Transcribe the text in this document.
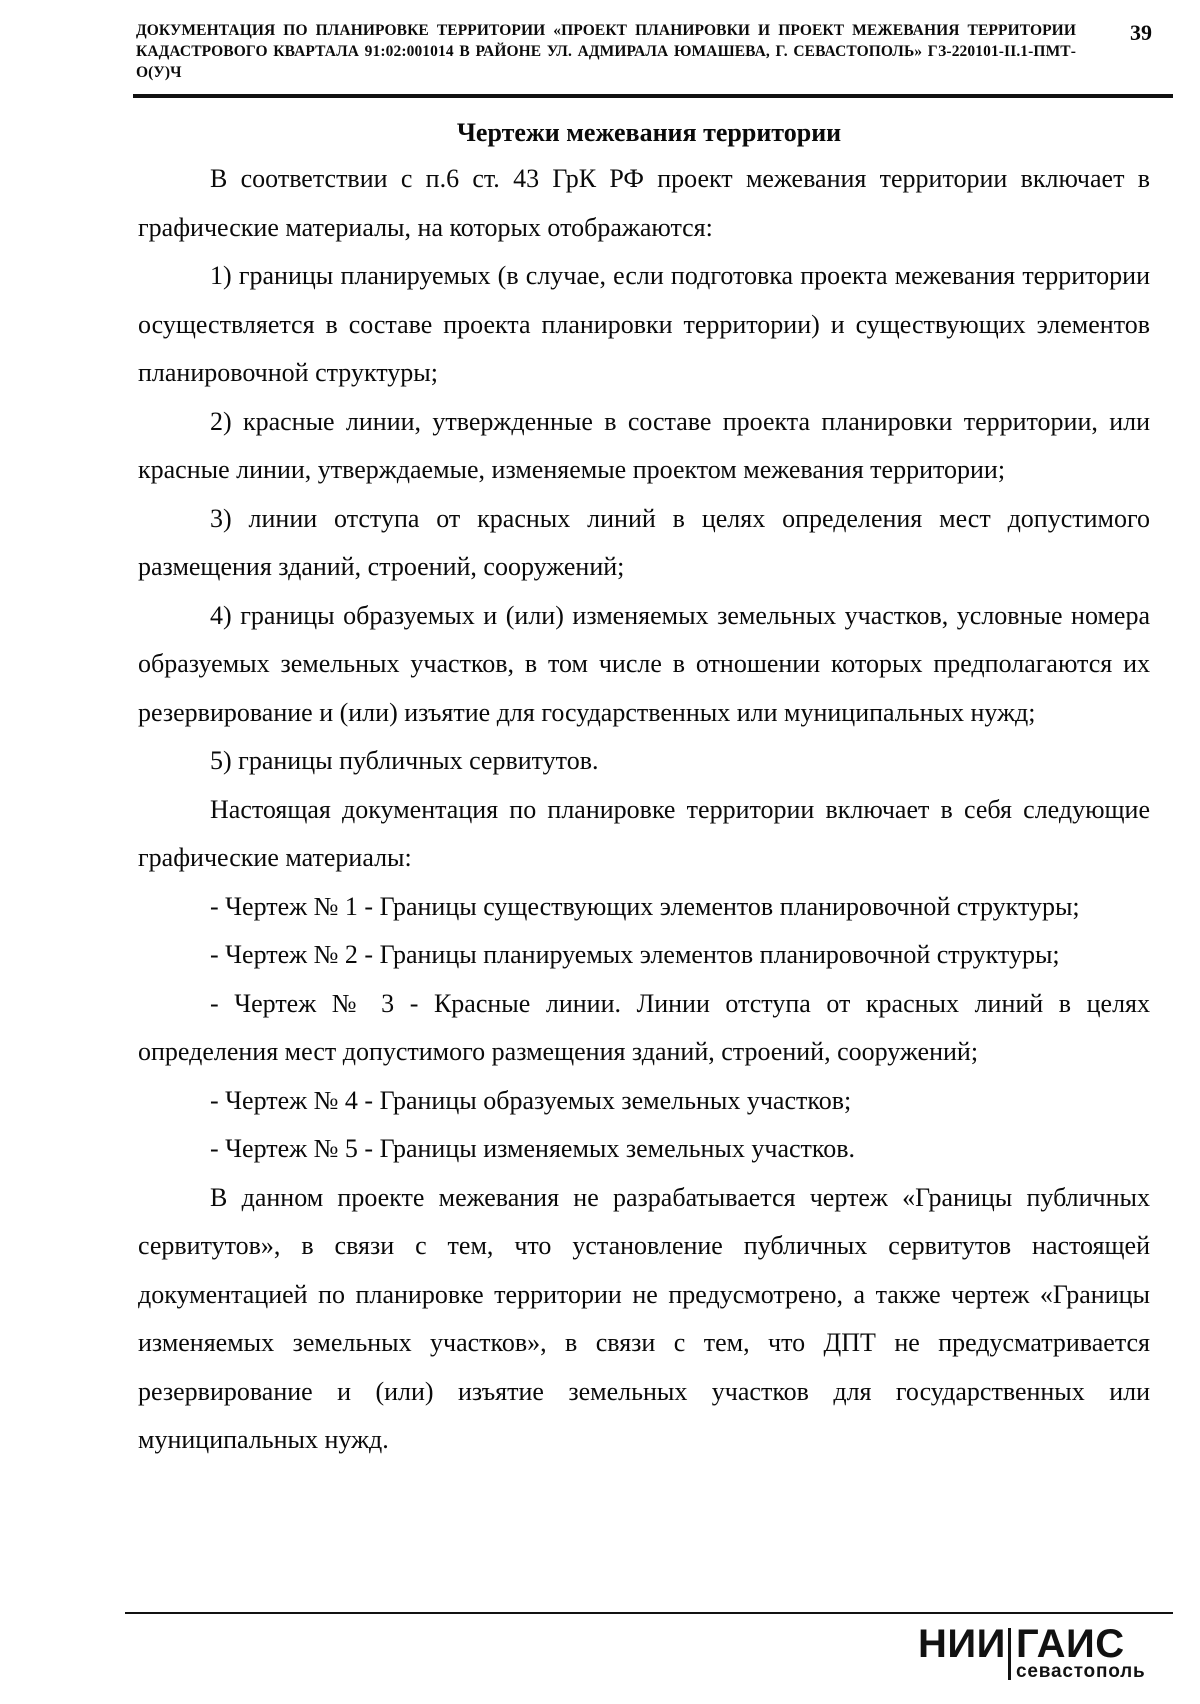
ДОКУМЕНТАЦИЯ ПО ПЛАНИРОВКЕ ТЕРРИТОРИИ «ПРОЕКТ ПЛАНИРОВКИ И ПРОЕКТ МЕЖЕВАНИЯ ТЕРРИТОРИИ КАДАСТРОВОГО КВАРТАЛА 91:02:001014 В РАЙОНЕ УЛ. АДМИРАЛА ЮМАШЕВА, Г. СЕВАСТОПОЛЬ» ГЗ-220101-II.1-ПМТ-О(У)Ч
39
Чертежи межевания территории

В соответствии с п.6 ст. 43 ГрК РФ проект межевания территории включает в графические материалы, на которых отображаются:

1) границы планируемых (в случае, если подготовка проекта межевания территории осуществляется в составе проекта планировки территории) и существующих элементов планировочной структуры;

2) красные линии, утвержденные в составе проекта планировки территории, или красные линии, утверждаемые, изменяемые проектом межевания территории;

3) линии отступа от красных линий в целях определения мест допустимого размещения зданий, строений, сооружений;

4) границы образуемых и (или) изменяемых земельных участков, условные номера образуемых земельных участков, в том числе в отношении которых предполагаются их резервирование и (или) изъятие для государственных или муниципальных нужд;

5) границы публичных сервитутов.

Настоящая документация по планировке территории включает в себя следующие графические материалы:

- Чертеж № 1 - Границы существующих элементов планировочной структуры;

- Чертеж № 2 - Границы планируемых элементов планировочной структуры;

- Чертеж № 3 - Красные линии. Линии отступа от красных линий в целях определения мест допустимого размещения зданий, строений, сооружений;

- Чертеж № 4 - Границы образуемых земельных участков;

- Чертеж № 5 - Границы изменяемых земельных участков.

В данном проекте межевания не разрабатывается чертеж «Границы публичных сервитутов», в связи с тем, что установление публичных сервитутов настоящей документацией по планировке территории не предусмотрено, а также чертеж «Границы изменяемых земельных участков», в связи с тем, что ДПТ не предусматривается резервирование и (или) изъятие земельных участков для государственных или муниципальных нужд.

НИИ ГАИС
севастополь
